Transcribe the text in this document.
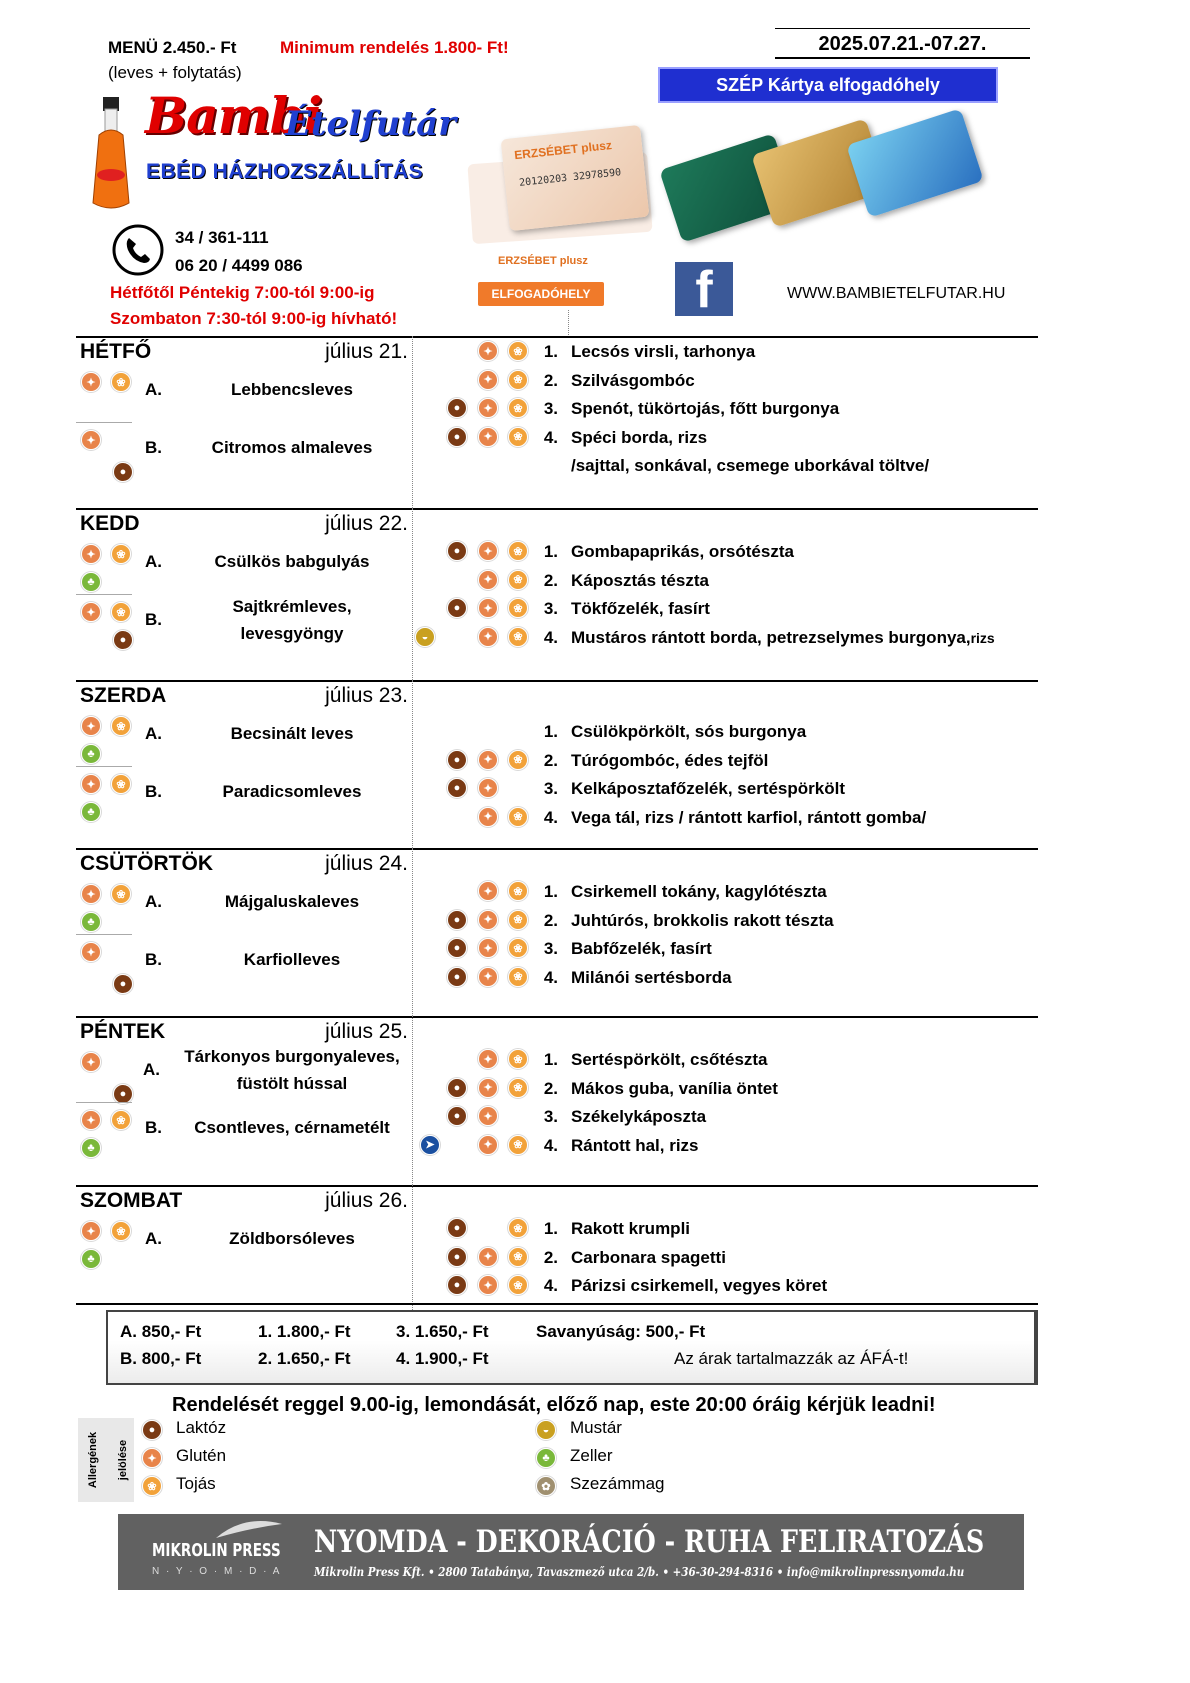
MENÜ 2.450.- Ft
(leves + folytatás)
Minimum rendelés 1.800- Ft!	2025.07.21.-07.27.
SZÉP Kártya elfogadóhely
Bambi
Ételfutár
EBÉD HÁZHOZSZÁLLÍTÁS
34 / 361-111
06 20 / 4499 086
Hétfőtől Péntekig 7:00-tól 9:00-ig
Szombaton 7:30-tól 9:00-ig hívható!
ERZSÉBET plusz
20120203 32978590
ERZSÉBET plusz
ELFOGADÓHELY f	WWW.BAMBIETELFUTAR.HU
HÉTFŐ	július 21.
A.	Lebbencsleves
✦	❀
B.	Citromos almaleves
✦
●
1. Lecsós virsli, tarhonya
✦	❀
2. Szilvásgombóc
✦	❀
3. Spenót, tükörtojás, főtt burgonya
●	✦	❀
4. Spéci borda, rizs
●	✦	❀
/sajttal, sonkával, csemege uborkával töltve/
KEDD	július 22.
A.	Csülkös babgulyás
✦	❀
♣
B.
Sajtkrémleves,
levesgyöngy
✦	❀
●
1. Gombapaprikás, orsótészta
●	✦	❀
2. Káposztás tészta
✦	❀
3. Tökfőzelék, fasírt
●	✦	❀
4. Mustáros rántott borda, petrezselymes burgonya,rizs
◒	✦	❀
SZERDA	július 23.
A.	Becsinált leves
✦	❀
♣
B.	Paradicsomleves
✦	❀
♣
1. Csülökpörkölt, sós burgonya
2. Túrógombóc, édes tejföl
●	✦	❀
3. Kelkáposztafőzelék, sertéspörkölt
●	✦
4. Vega tál, rizs / rántott karfiol, rántott gomba/
✦	❀
CSÜTÖRTÖK	július 24.
A.	Májgaluskaleves
✦	❀
♣
B.	Karfiolleves
✦
●
1. Csirkemell tokány, kagylótészta
✦	❀
2. Juhtúrós, brokkolis rakott tészta
●	✦	❀
3. Babfőzelék, fasírt
●	✦	❀
4. Milánói sertésborda
●	✦	❀
PÉNTEK	július 25.
A.
Tárkonyos burgonyaleves,
füstölt hússal
✦
●
B.	Csontleves, cérnametélt
✦	❀
♣
1. Sertéspörkölt, csőtészta
✦	❀
2. Mákos guba, vanília öntet
●	✦	❀
3. Székelykáposzta
●	✦
4. Rántott hal, rizs
➤	✦	❀
SZOMBAT	július 26.
A.	Zöldborsóleves
✦	❀
♣
1. Rakott krumpli
●	❀
2. Carbonara spagetti
●	✦	❀
4. Párizsi csirkemell, vegyes köret
●	✦	❀
A. 850,- Ft
B. 800,- Ft
1. 1.800,- Ft
2. 1.650,- Ft
3. 1.650,- Ft
4. 1.900,- Ft
Savanyúság: 500,- Ft
Az árak tartalmazzák az ÁFÁ-t!
Rendelését reggel 9.00-ig, lemondását, előző nap, este 20:00 óráig kérjük leadni!
Allergének jelölése
●	Laktóz
✦	Glutén
❀	Tojás
◒	Mustár
♣	Zeller
✿	Szezámmag
MIKROLIN PRESS
N · Y · O · M · D · A
NYOMDA - DEKORÁCIÓ - RUHA FELIRATOZÁS
Mikrolin Press Kft. • 2800 Tatabánya, Tavaszmező utca 2/b. • +36-30-294-8316 • info@mikrolinpressnyomda.hu
